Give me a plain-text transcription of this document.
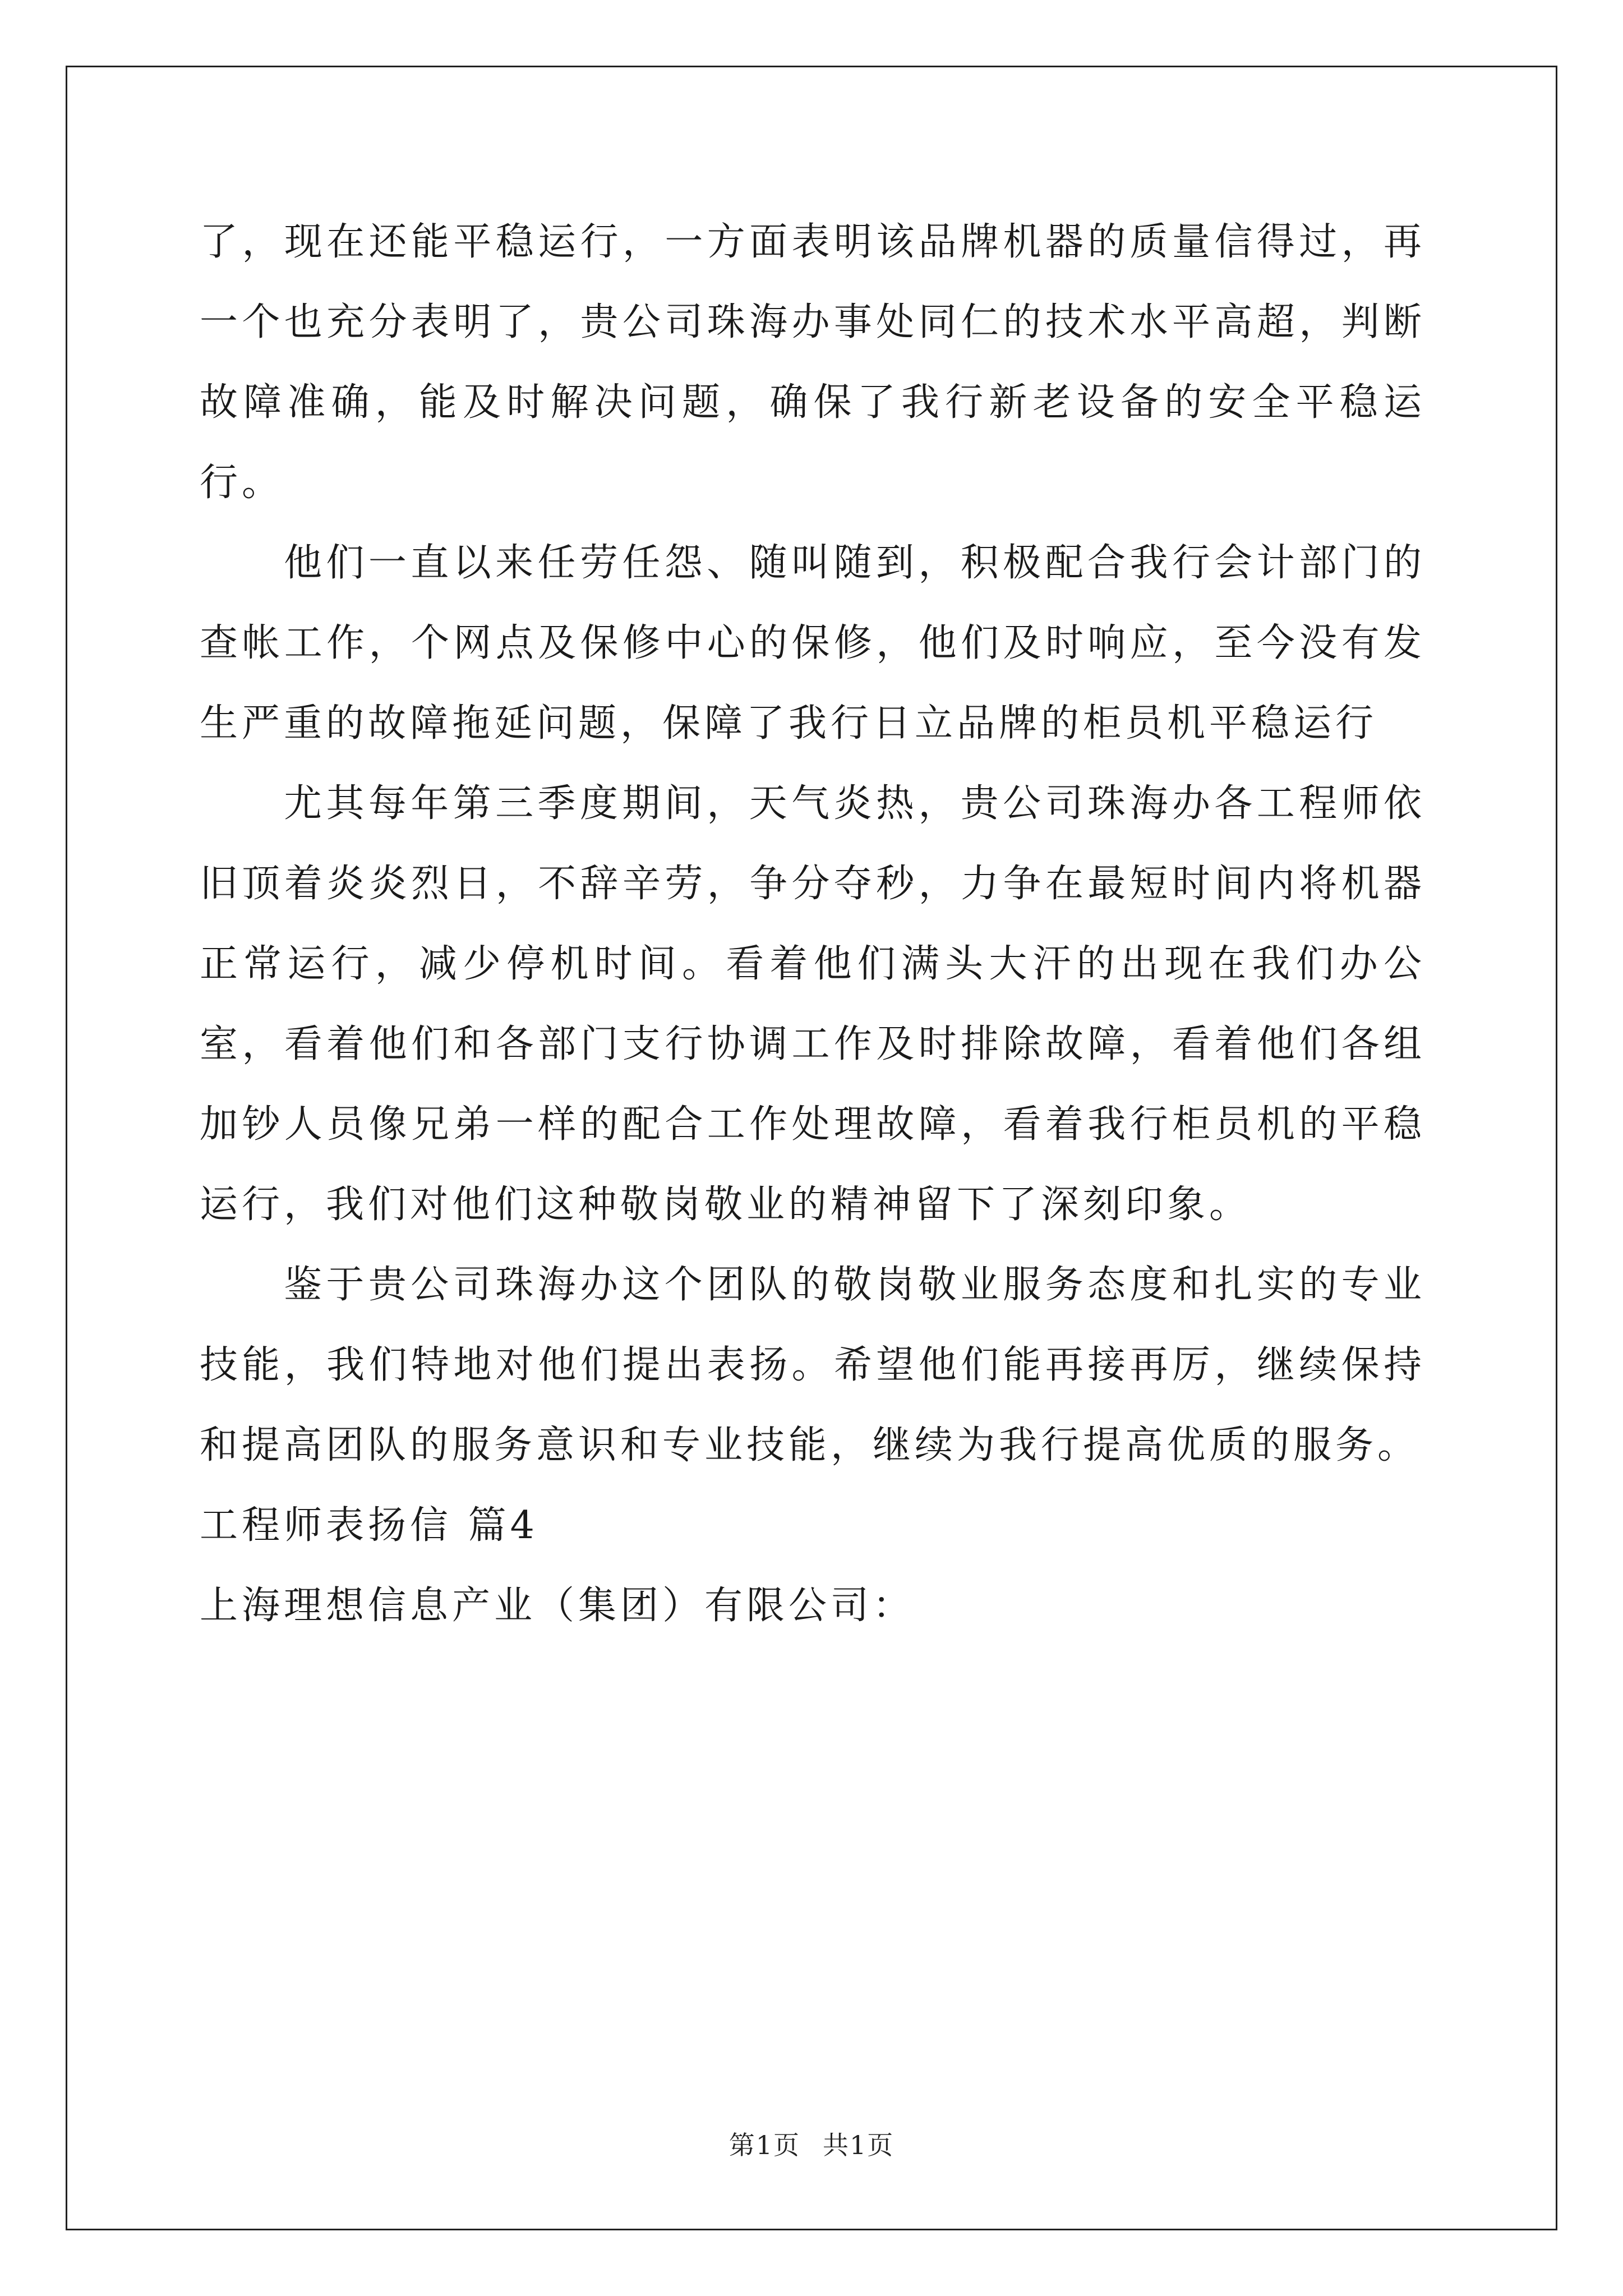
了，现在还能平稳运行，一方面表明该品牌机器的质量信得过，再一个也充分表明了，贵公司珠海办事处同仁的技术水平高超，判断故障准确，能及时解决问题，确保了我行新老设备的安全平稳运行。

他们一直以来任劳任怨、随叫随到，积极配合我行会计部门的查帐工作，个网点及保修中心的保修，他们及时响应，至今没有发生严重的故障拖延问题，保障了我行日立品牌的柜员机平稳运行

尤其每年第三季度期间，天气炎热，贵公司珠海办各工程师依旧顶着炎炎烈日，不辞辛劳，争分夺秒，力争在最短时间内将机器正常运行，减少停机时间。看着他们满头大汗的出现在我们办公室，看着他们和各部门支行协调工作及时排除故障，看着他们各组加钞人员像兄弟一样的配合工作处理故障，看着我行柜员机的平稳运行，我们对他们这种敬岗敬业的精神留下了深刻印象。

鉴于贵公司珠海办这个团队的敬岗敬业服务态度和扎实的专业技能，我们特地对他们提出表扬。希望他们能再接再厉，继续保持和提高团队的服务意识和专业技能，继续为我行提高优质的服务。

工程师表扬信 篇4

上海理想信息产业（集团）有限公司：

第1页 共1页
